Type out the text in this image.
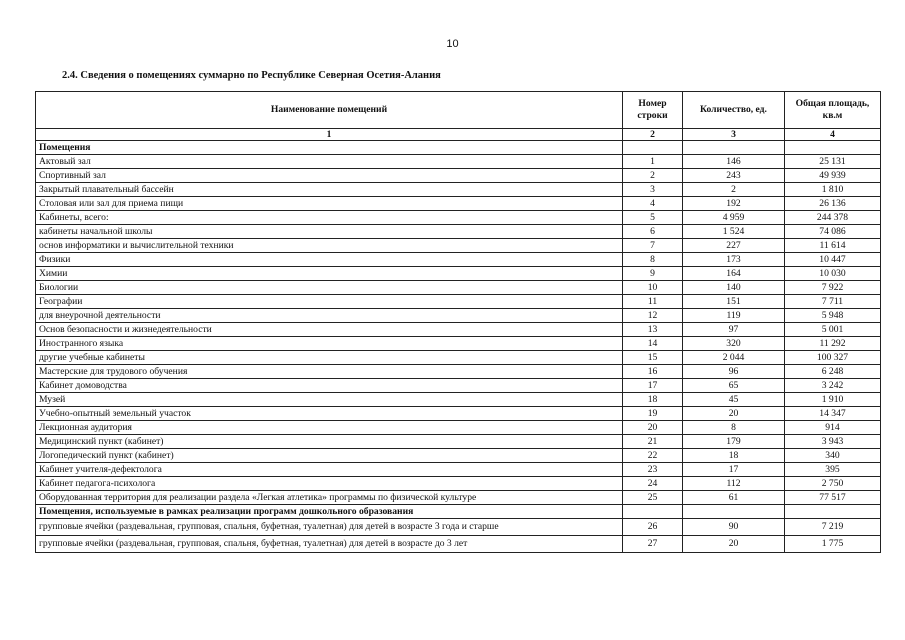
10
2.4. Сведения о помещениях суммарно по Республике Северная Осетия-Алания
Наименование помещений	Номер строки	Количество, ед.	Общая площадь, кв.м
1	2	3	4
Помещения			
Актовый зал	1	146	25 131
Спортивный зал	2	243	49 939
Закрытый плавательный бассейн	3	2	1 810
Столовая или зал для приема пищи	4	192	26 136
Кабинеты, всего:	5	4 959	244 378
кабинеты начальной школы	6	1 524	74 086
основ информатики и вычислительной техники	7	227	11 614
Физики	8	173	10 447
Химии	9	164	10 030
Биологии	10	140	7 922
Географии	11	151	7 711
для внеурочной деятельности	12	119	5 948
Основ безопасности и жизнедеятельности	13	97	5 001
Иностранного языка	14	320	11 292
другие учебные кабинеты	15	2 044	100 327
Мастерские для трудового обучения	16	96	6 248
Кабинет домоводства	17	65	3 242
Музей	18	45	1 910
Учебно-опытный земельный участок	19	20	14 347
Лекционная аудитория	20	8	914
Медицинский пункт (кабинет)	21	179	3 943
Логопедический пункт (кабинет)	22	18	340
Кабинет учителя-дефектолога	23	17	395
Кабинет педагога-психолога	24	112	2 750
Оборудованная территория для реализации раздела «Легкая атлетика» программы по физической культуре	25	61	77 517
Помещения, используемые в рамках реализации программ дошкольного образования			
групповые ячейки (раздевальная, групповая, спальня, буфетная, туалетная) для детей в возрасте 3 года и старше	26	90	7 219
групповые ячейки (раздевальная, групповая, спальня, буфетная, туалетная) для детей в возрасте до 3 лет	27	20	1 775
